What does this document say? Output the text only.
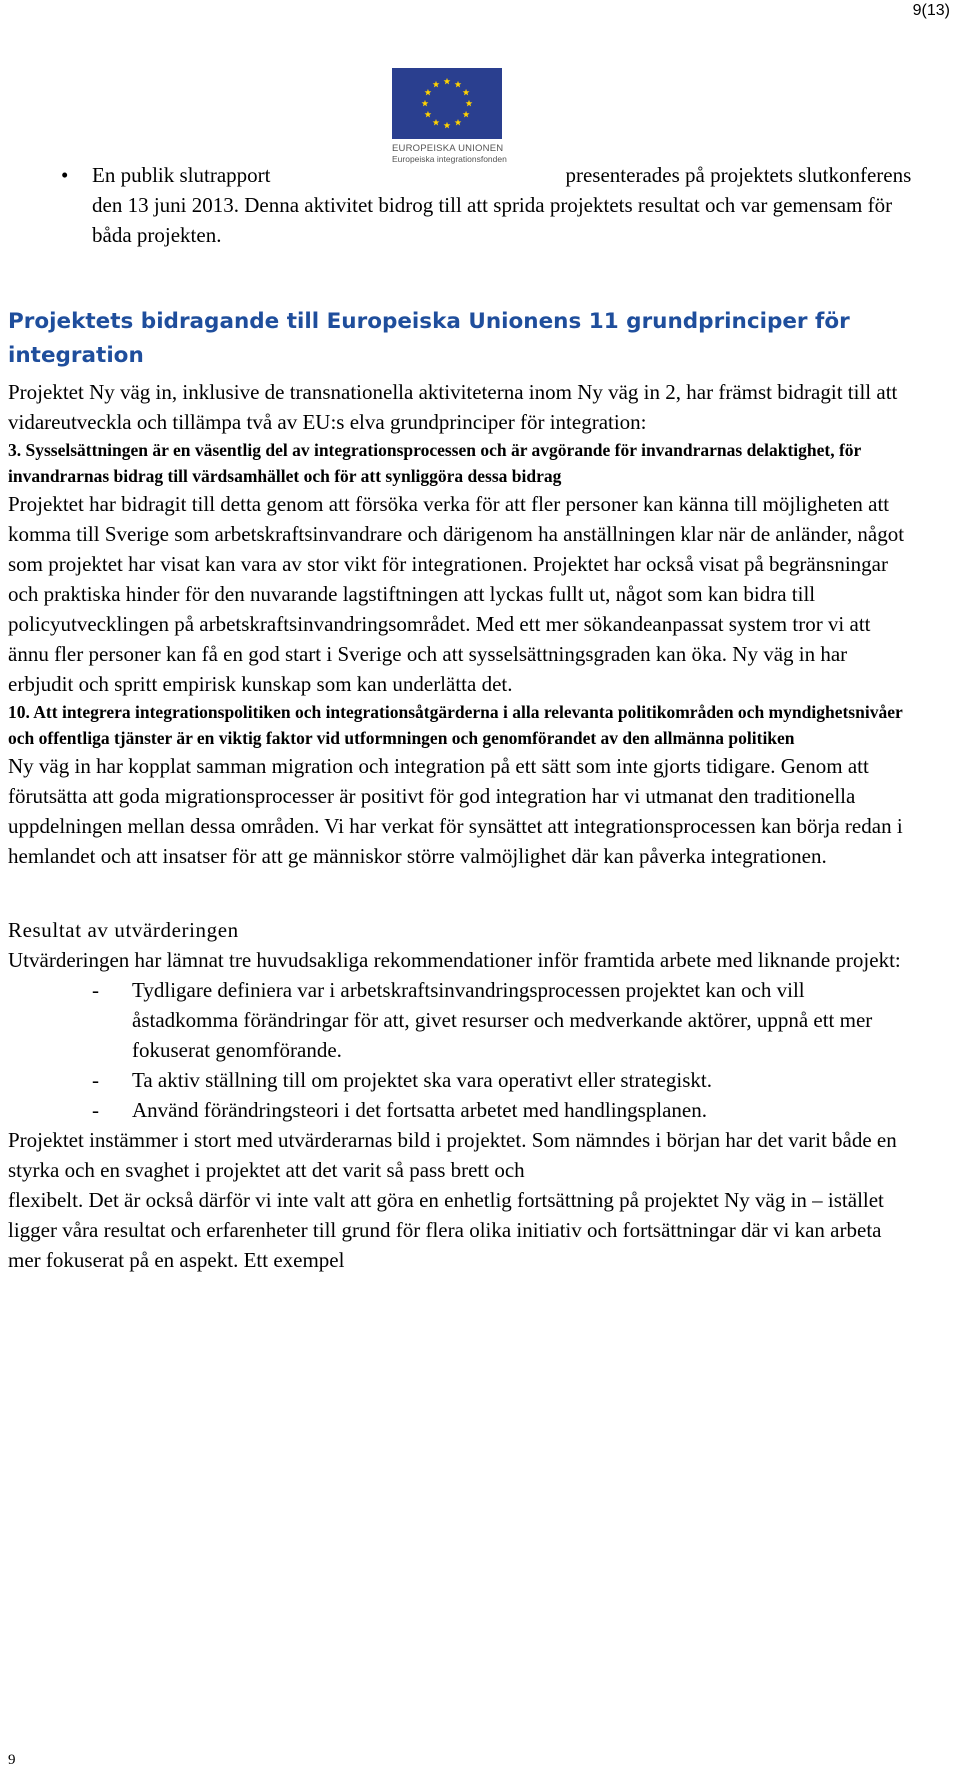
9(13)
EUROPEISKA UNIONEN
Europeiska integrationsfonden
• En publik slutrapport	presenterades på projektets slutkonferens den 13 juni 2013. Denna aktivitet bidrog till att sprida projektets resultat och var gemensam för båda projekten.
Projektets bidragande till Europeiska Unionens 11 grundprinciper för integration

Projektet Ny väg in, inklusive de transnationella aktiviteterna inom Ny väg in 2, har främst bidragit till att vidareutveckla och tillämpa två av EU:s elva grundprinciper för integration:

3. Sysselsättningen är en väsentlig del av integrationsprocessen och är avgörande för invandrarnas delaktighet, för invandrarnas bidrag till värdsamhället och för att synliggöra dessa bidrag

Projektet har bidragit till detta genom att försöka verka för att fler personer kan känna till möjligheten att komma till Sverige som arbetskraftsinvandrare och därigenom ha anställningen klar när de anländer, något som projektet har visat kan vara av stor vikt för integrationen. Projektet har också visat på begränsningar och praktiska hinder för den nuvarande lagstiftningen att lyckas fullt ut, något som kan bidra till policyutvecklingen på arbetskraftsinvandringsområdet. Med ett mer sökandeanpassat system tror vi att ännu fler personer kan få en god start i Sverige och att sysselsättningsgraden kan öka. Ny väg in har erbjudit och spritt empirisk kunskap som kan underlätta det.

10. Att integrera integrationspolitiken och integrationsåtgärderna i alla relevanta politikområden och myndighetsnivåer och offentliga tjänster är en viktig faktor vid utformningen och genomförandet av den allmänna politiken

Ny väg in har kopplat samman migration och integration på ett sätt som inte gjorts tidigare. Genom att förutsätta att goda migrationsprocesser är positivt för god integration har vi utmanat den traditionella uppdelningen mellan dessa områden. Vi har verkat för synsättet att integrationsprocessen kan börja redan i hemlandet och att insatser för att ge människor större valmöjlighet där kan påverka integrationen.

Resultat av utvärderingen

Utvärderingen har lämnat tre huvudsakliga rekommendationer inför framtida arbete med liknande projekt:

- Tydligare definiera var i arbetskraftsinvandringsprocessen projektet kan och vill åstadkomma förändringar för att, givet resurser och medverkande aktörer, uppnå ett mer fokuserat genomförande.
- Ta aktiv ställning till om projektet ska vara operativt eller strategiskt.
- Använd förändringsteori i det fortsatta arbetet med handlingsplanen.

Projektet instämmer i stort med utvärderarnas bild i projektet. Som nämndes i början har det varit både en styrka och en svaghet i projektet att det varit så pass brett och

flexibelt. Det är också därför vi inte valt att göra en enhetlig fortsättning på projektet Ny väg in – istället ligger våra resultat och erfarenheter till grund för flera olika initiativ och fortsättningar där vi kan arbeta mer fokuserat på en aspekt. Ett exempel

9
